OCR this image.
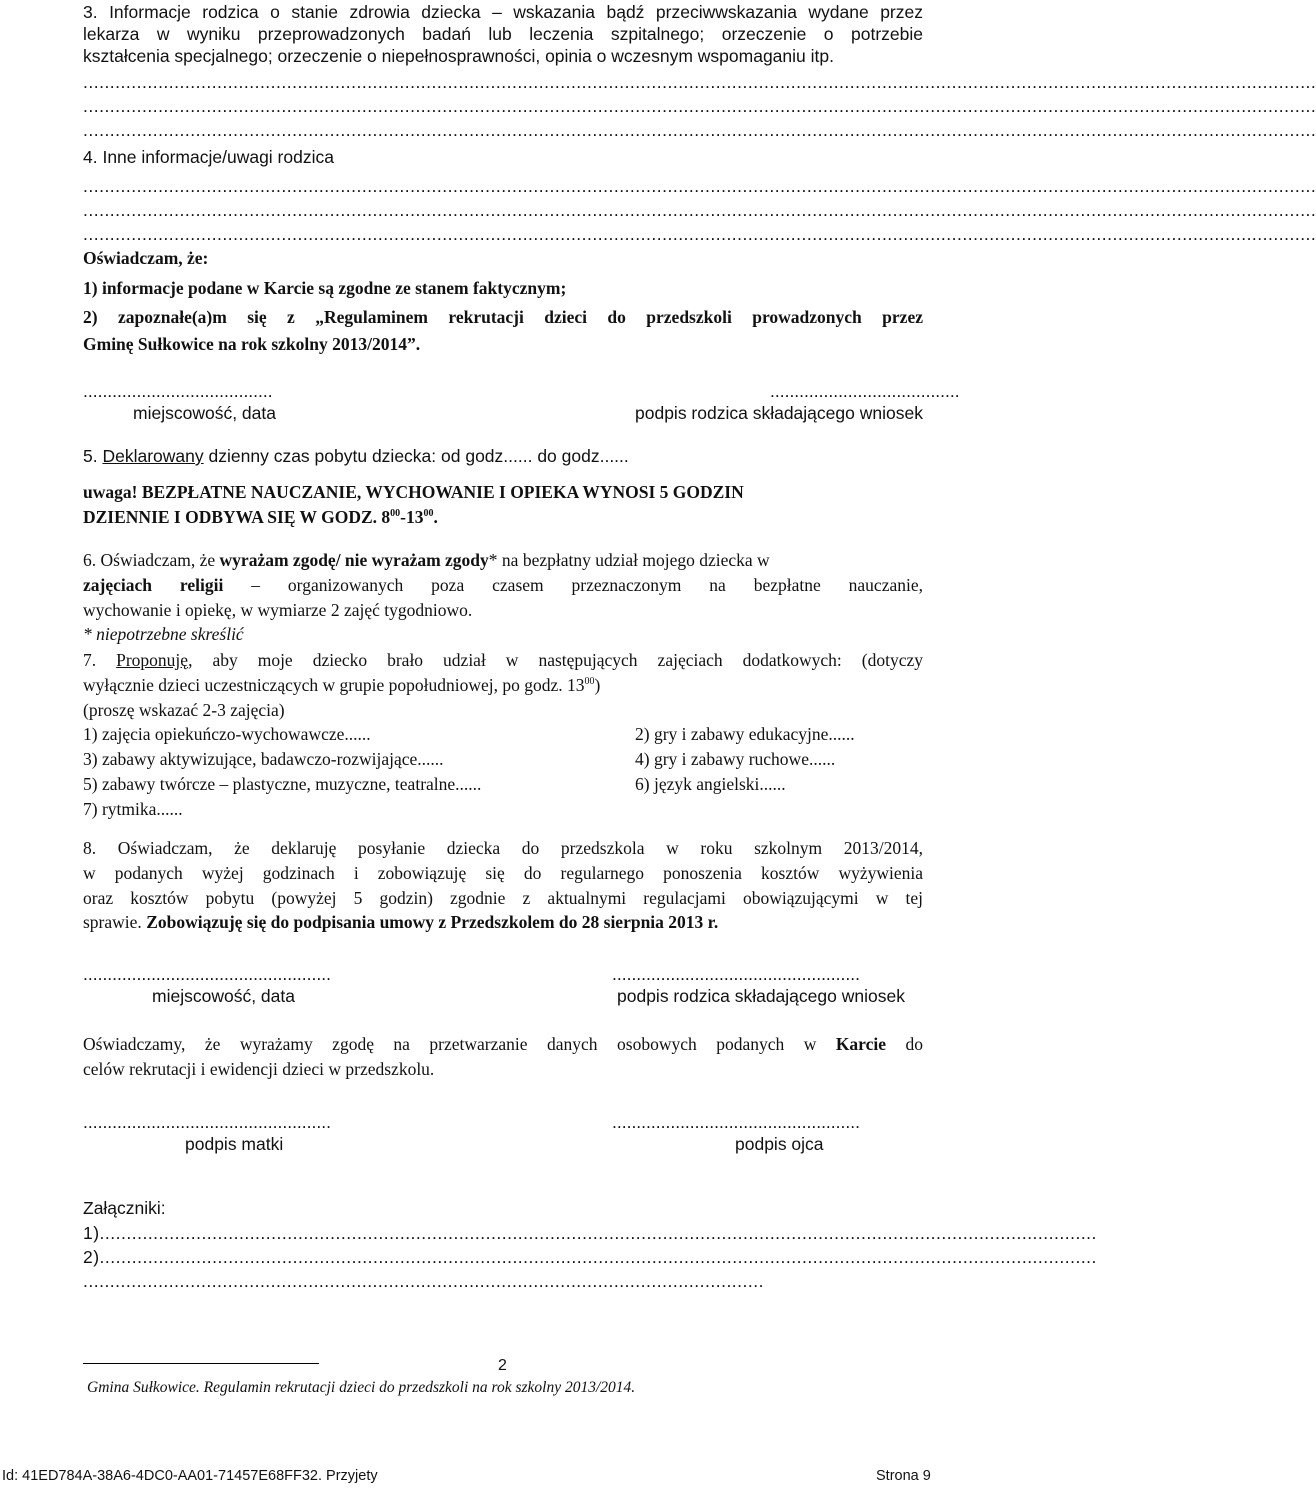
3. Informacje rodzica o stanie zdrowia dziecka – wskazania bądź przeciwwskazania wydane przez
lekarza w wyniku przeprowadzonych badań lub leczenia szpitalnego; orzeczenie o potrzebie
kształcenia specjalnego; orzeczenie o niepełnosprawności, opinia o wczesnym wspomaganiu itp.
......................................................................................................................................................................................................................................
......................................................................................................................................................................................................................................
......................................................................................................................................................................................................................................
4. Inne informacje/uwagi rodzica
......................................................................................................................................................................................................................................
......................................................................................................................................................................................................................................
......................................................................................................................................................................................................................................
Oświadczam, że:
1) informacje podane w Karcie są zgodne ze stanem faktycznym;
2) zapoznałe(a)m się z „Regulaminem rekrutacji dzieci do przedszkoli prowadzonych przez
Gminę Sułkowice na rok szkolny 2013/2014”.
.......................................	.......................................
miejscowość, data	podpis rodzica składającego wniosek
5. Deklarowany dzienny czas pobytu dziecka: od godz...... do godz......
uwaga! BEZPŁATNE NAUCZANIE, WYCHOWANIE I OPIEKA WYNOSI 5 GODZIN
DZIENNIE I ODBYWA SIĘ W GODZ. $8^{00}-13^{00}$.
6. Oświadczam, że wyrażam zgodę/ nie wyrażam zgody* na bezpłatny udział mojego dziecka w
zajęciach religii – organizowanych poza czasem przeznaczonym na bezpłatne nauczanie,
wychowanie i opiekę, w wymiarze 2 zajęć tygodniowo.
* niepotrzebne skreślić
7. Proponuję, aby moje dziecko brało udział w następujących zajęciach dodatkowych: (dotyczy
wyłącznie dzieci uczestniczących w grupie popołudniowej, po godz. $13^{00}$)
(proszę wskazać 2-3 zajęcia)
1) zajęcia opiekuńczo-wychowawcze......	2) gry i zabawy edukacyjne......
3) zabawy aktywizujące, badawczo-rozwijające......	4) gry i zabawy ruchowe......
5) zabawy twórcze – plastyczne, muzyczne, teatralne......	6) język angielski......
7) rytmika......
8. Oświadczam, że deklaruję posyłanie dziecka do przedszkola w roku szkolnym 2013/2014,
w podanych wyżej godzinach i zobowiązuję się do regularnego ponoszenia kosztów wyżywienia
oraz kosztów pobytu (powyżej 5 godzin) zgodnie z aktualnymi regulacjami obowiązującymi w tej
sprawie. Zobowiązuję się do podpisania umowy z Przedszkolem do 28 sierpnia 2013 r.
...................................................	...................................................
miejscowość, data	podpis rodzica składającego wniosek
Oświadczamy, że wyrażamy zgodę na przetwarzanie danych osobowych podanych w Karcie do
celów rekrutacji i ewidencji dzieci w przedszkolu.
...................................................	...................................................
podpis matki	podpis ojca
Załączniki:
1)..........................................................................................................................................................................................
2)..........................................................................................................................................................................................
...............................................................................................................................
2
Gmina Sułkowice. Regulamin rekrutacji dzieci do przedszkoli na rok szkolny 2013/2014.
Id: 41ED784A-38A6-4DC0-AA01-71457E68FF32. Przyjety	Strona 9
